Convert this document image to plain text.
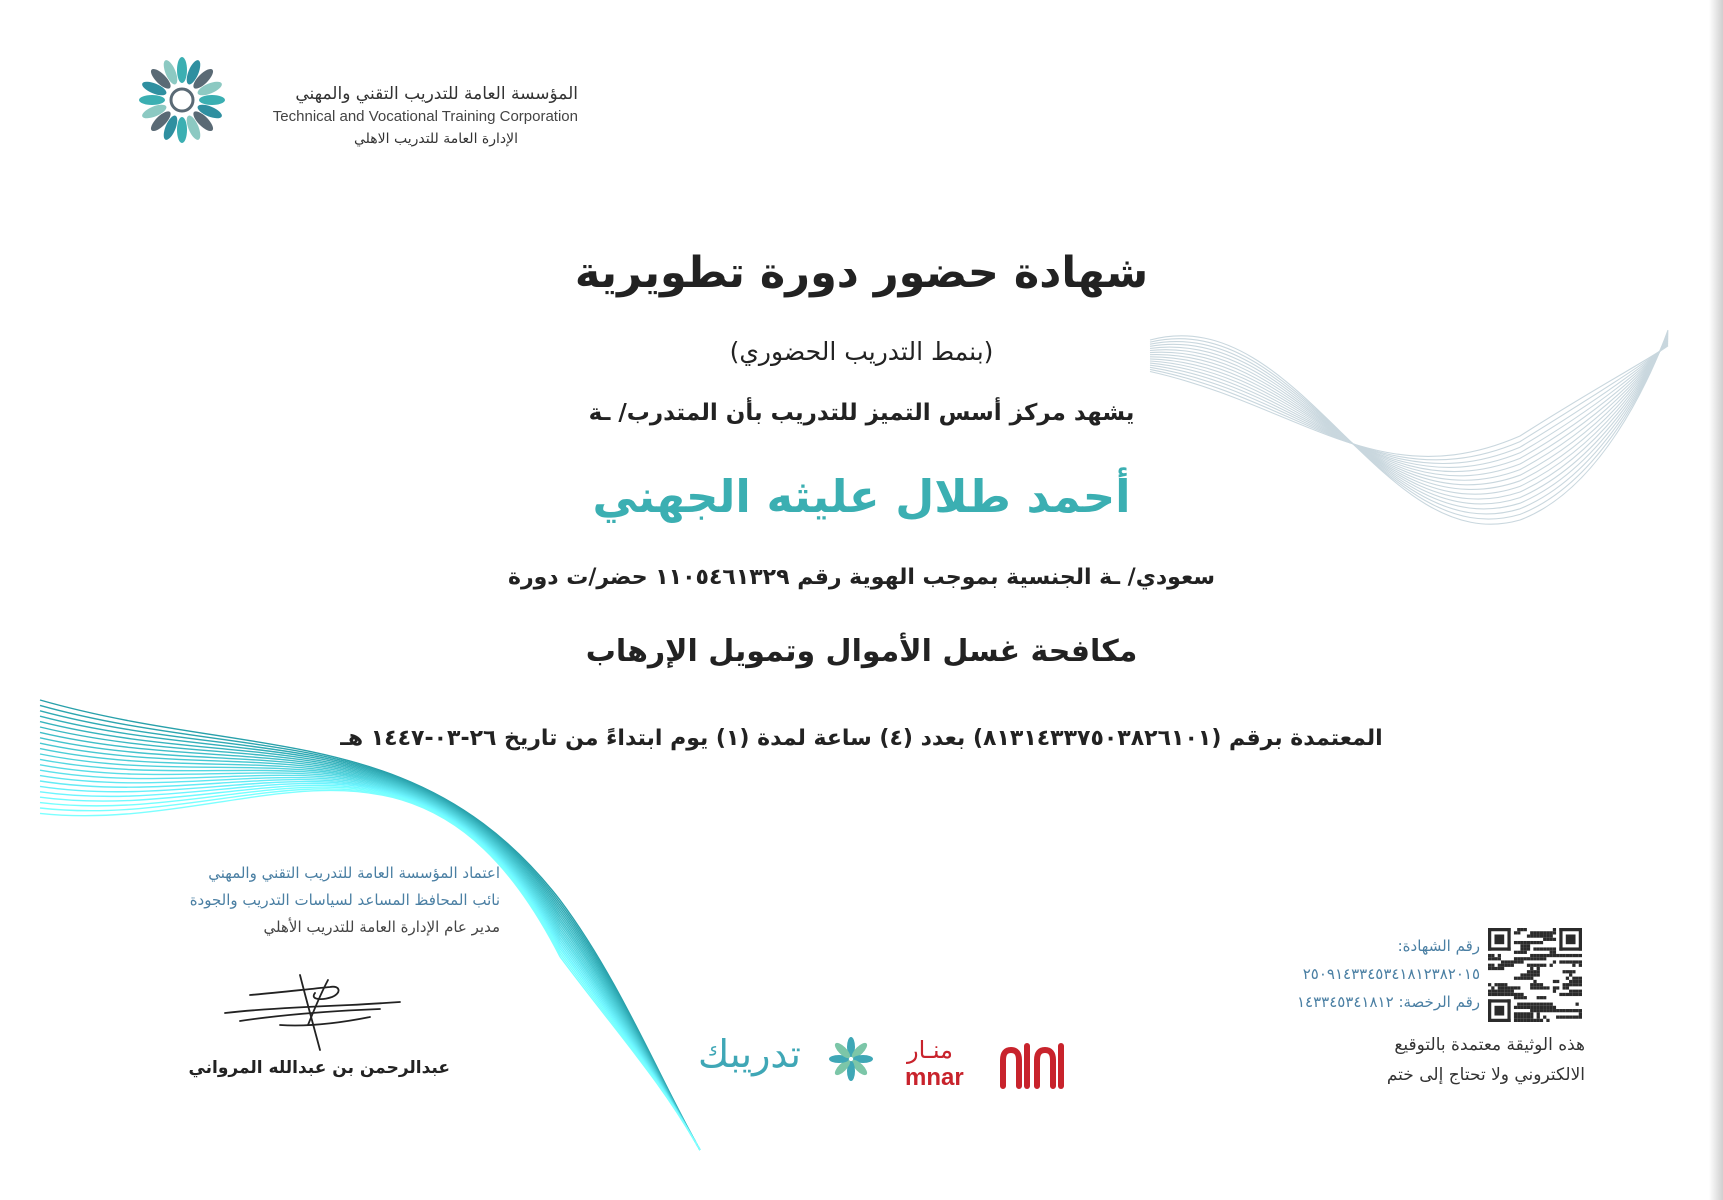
المؤسسة العامة للتدريب التقني والمهني
Technical and Vocational Training Corporation
الإدارة العامة للتدريب الاهلي
شهادة حضور دورة تطويرية
(بنمط التدريب الحضوري)
يشهد مركز أسس التميز للتدريب بأن المتدرب/ ـة
أحمد طلال عليثه الجهني
سعودي/ ـة الجنسية بموجب الهوية رقم ١١٠٥٤٦١٣٢٩ حضر/ت دورة
مكافحة غسل الأموال وتمويل الإرهاب
المعتمدة برقم (٨١٣١٤٣٣٧٥٠٣٨٢٦١٠١) بعدد (٤) ساعة لمدة (١) يوم ابتداءً من تاريخ ٢٦-٠٣-١٤٤٧ هـ
اعتماد المؤسسة العامة للتدريب التقني والمهني
نائب المحافظ المساعد لسياسات التدريب والجودة
مدير عام الإدارة العامة للتدريب الأهلي
عبدالرحمن بن عبدالله المرواني
رقم الشهادة:
٢٥٠٩١٤٣٣٤٥٣٤١٨١٢٣٨٢٠١٥
رقم الرخصة: ١٤٣٣٤٥٣٤١٨١٢
هذه الوثيقة معتمدة بالتوقيع
الالكتروني ولا تحتاج إلى ختم
تدريبك	منـار
mnar
